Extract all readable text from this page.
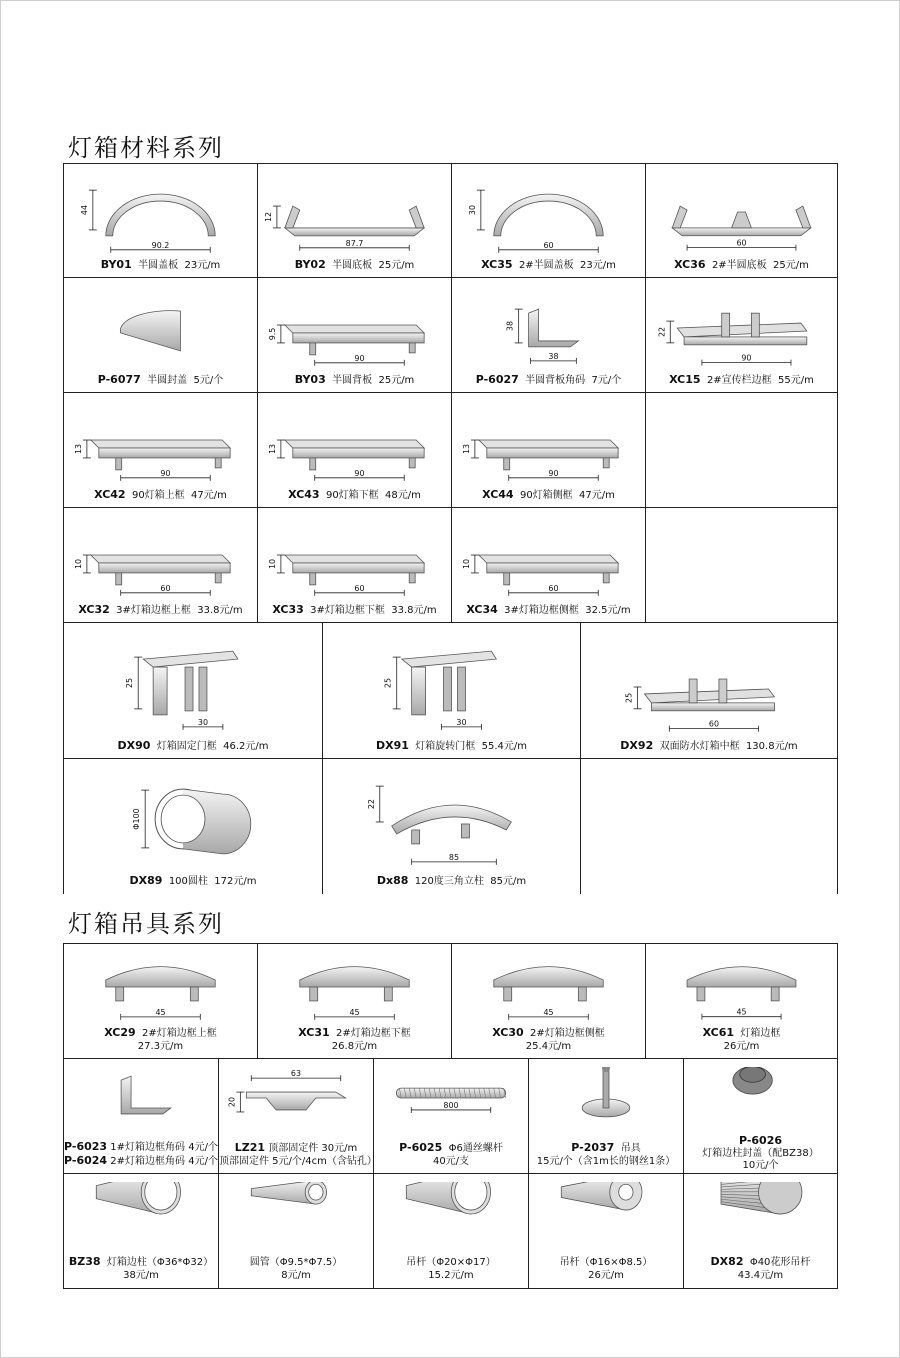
灯箱材料系列
灯箱吊具系列
44
90.2
BY01 半圆盖板 23元/m
12
87.7
BY02 半圆底板 25元/m
30
60
XC35 2#半圆盖板 23元/m
60
XC36 2#半圆底板 25元/m
P-6077 半圆封盖 5元/个
9.5
90
BY03 半圆背板 25元/m
38
38
P-6027 半圆背板角码 7元/个
22
90
XC15 2#宣传栏边框 55元/m
13
90
XC42 90灯箱上框 47元/m
13
90
XC43 90灯箱下框 48元/m
13
90
XC44 90灯箱侧框 47元/m
10
60
XC32 3#灯箱边框上框 33.8元/m
10
60
XC33 3#灯箱边框下框 33.8元/m
10
60
XC34 3#灯箱边框侧框 32.5元/m
25
30
DX90 灯箱固定门框 46.2元/m
25
30
DX91 灯箱旋转门框 55.4元/m
25
60
DX92 双面防水灯箱中框 130.8元/m
Φ100
DX89 100圆柱 172元/m
22
85
Dx88 120度三角立柱 85元/m
45
XC29 2#灯箱边框上框
27.3元/m
45
XC31 2#灯箱边框下框
26.8元/m
45
XC30 2#灯箱边框侧框
25.4元/m
45
XC61 灯箱边框
26元/m
P-6023 1#灯箱边框角码 4元/个
P-6024 2#灯箱边框角码 4元/个
63
20
LZ21 顶部固定件 30元/m
顶部固定件 5元/个/4cm（含钻孔）
800
P-6025 Φ6通丝螺杆
40元/支
P-2037 吊具
15元/个（含1m长的钢丝1条）
P-6026
灯箱边柱封盖（配BZ38）
10元/个
BZ38 灯箱边柱（Φ36*Φ32）
38元/m
圆管（Φ9.5*Φ7.5）
8元/m
吊杆（Φ20×Φ17）
15.2元/m
吊杆（Φ16×Φ8.5）
26元/m
DX82 Φ40花形吊杆
43.4元/m
